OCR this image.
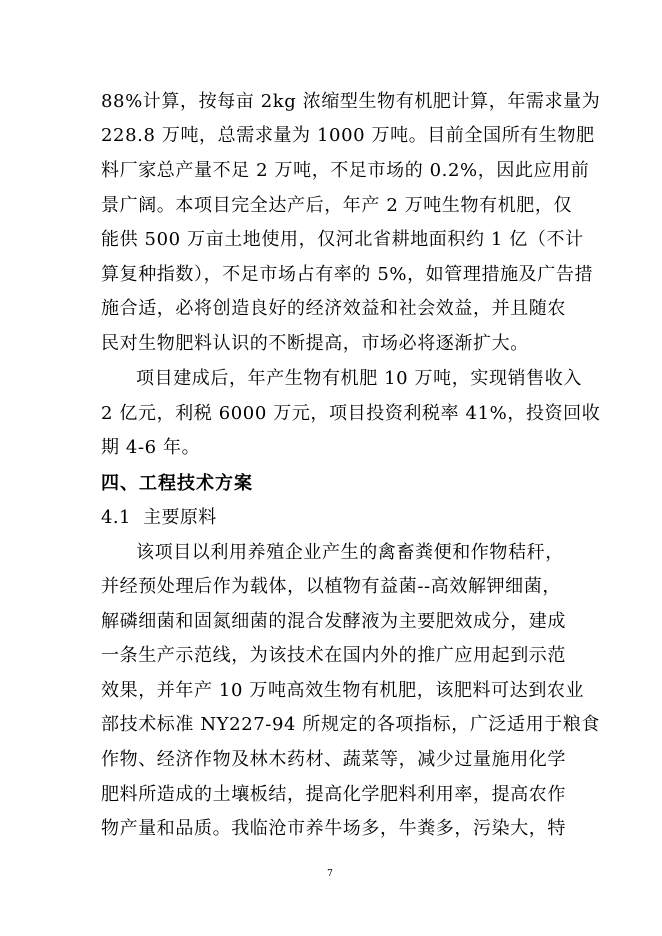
88%计算，按每亩 2kg 浓缩型生物有机肥计算，年需求量为
228.8 万吨，总需求量为 1000 万吨。目前全国所有生物肥
料厂家总产量不足 2 万吨，不足市场的 0.2%，因此应用前
景广阔。本项目完全达产后，年产 2 万吨生物有机肥，仅
能供 500 万亩土地使用，仅河北省耕地面积约 1 亿（不计
算复种指数），不足市场占有率的 5%，如管理措施及广告措
施合适，必将创造良好的经济效益和社会效益，并且随农
民对生物肥料认识的不断提高，市场必将逐渐扩大。
项目建成后，年产生物有机肥 10 万吨，实现销售收入
2 亿元，利税 6000 万元，项目投资利税率 41%，投资回收
期 4-6 年。
四、工程技术方案
4.1  主要原料
该项目以利用养殖企业产生的禽畜粪便和作物秸秆，
并经预处理后作为载体，以植物有益菌--高效解钾细菌，
解磷细菌和固氮细菌的混合发酵液为主要肥效成分，建成
一条生产示范线，为该技术在国内外的推广应用起到示范
效果，并年产 10 万吨高效生物有机肥，该肥料可达到农业
部技术标准 NY227-94 所规定的各项指标，广泛适用于粮食
作物、经济作物及林木药材、蔬菜等，减少过量施用化学
肥料所造成的土壤板结，提高化学肥料利用率，提高农作
物产量和品质。我临沧市养牛场多，牛粪多，污染大，特
7
